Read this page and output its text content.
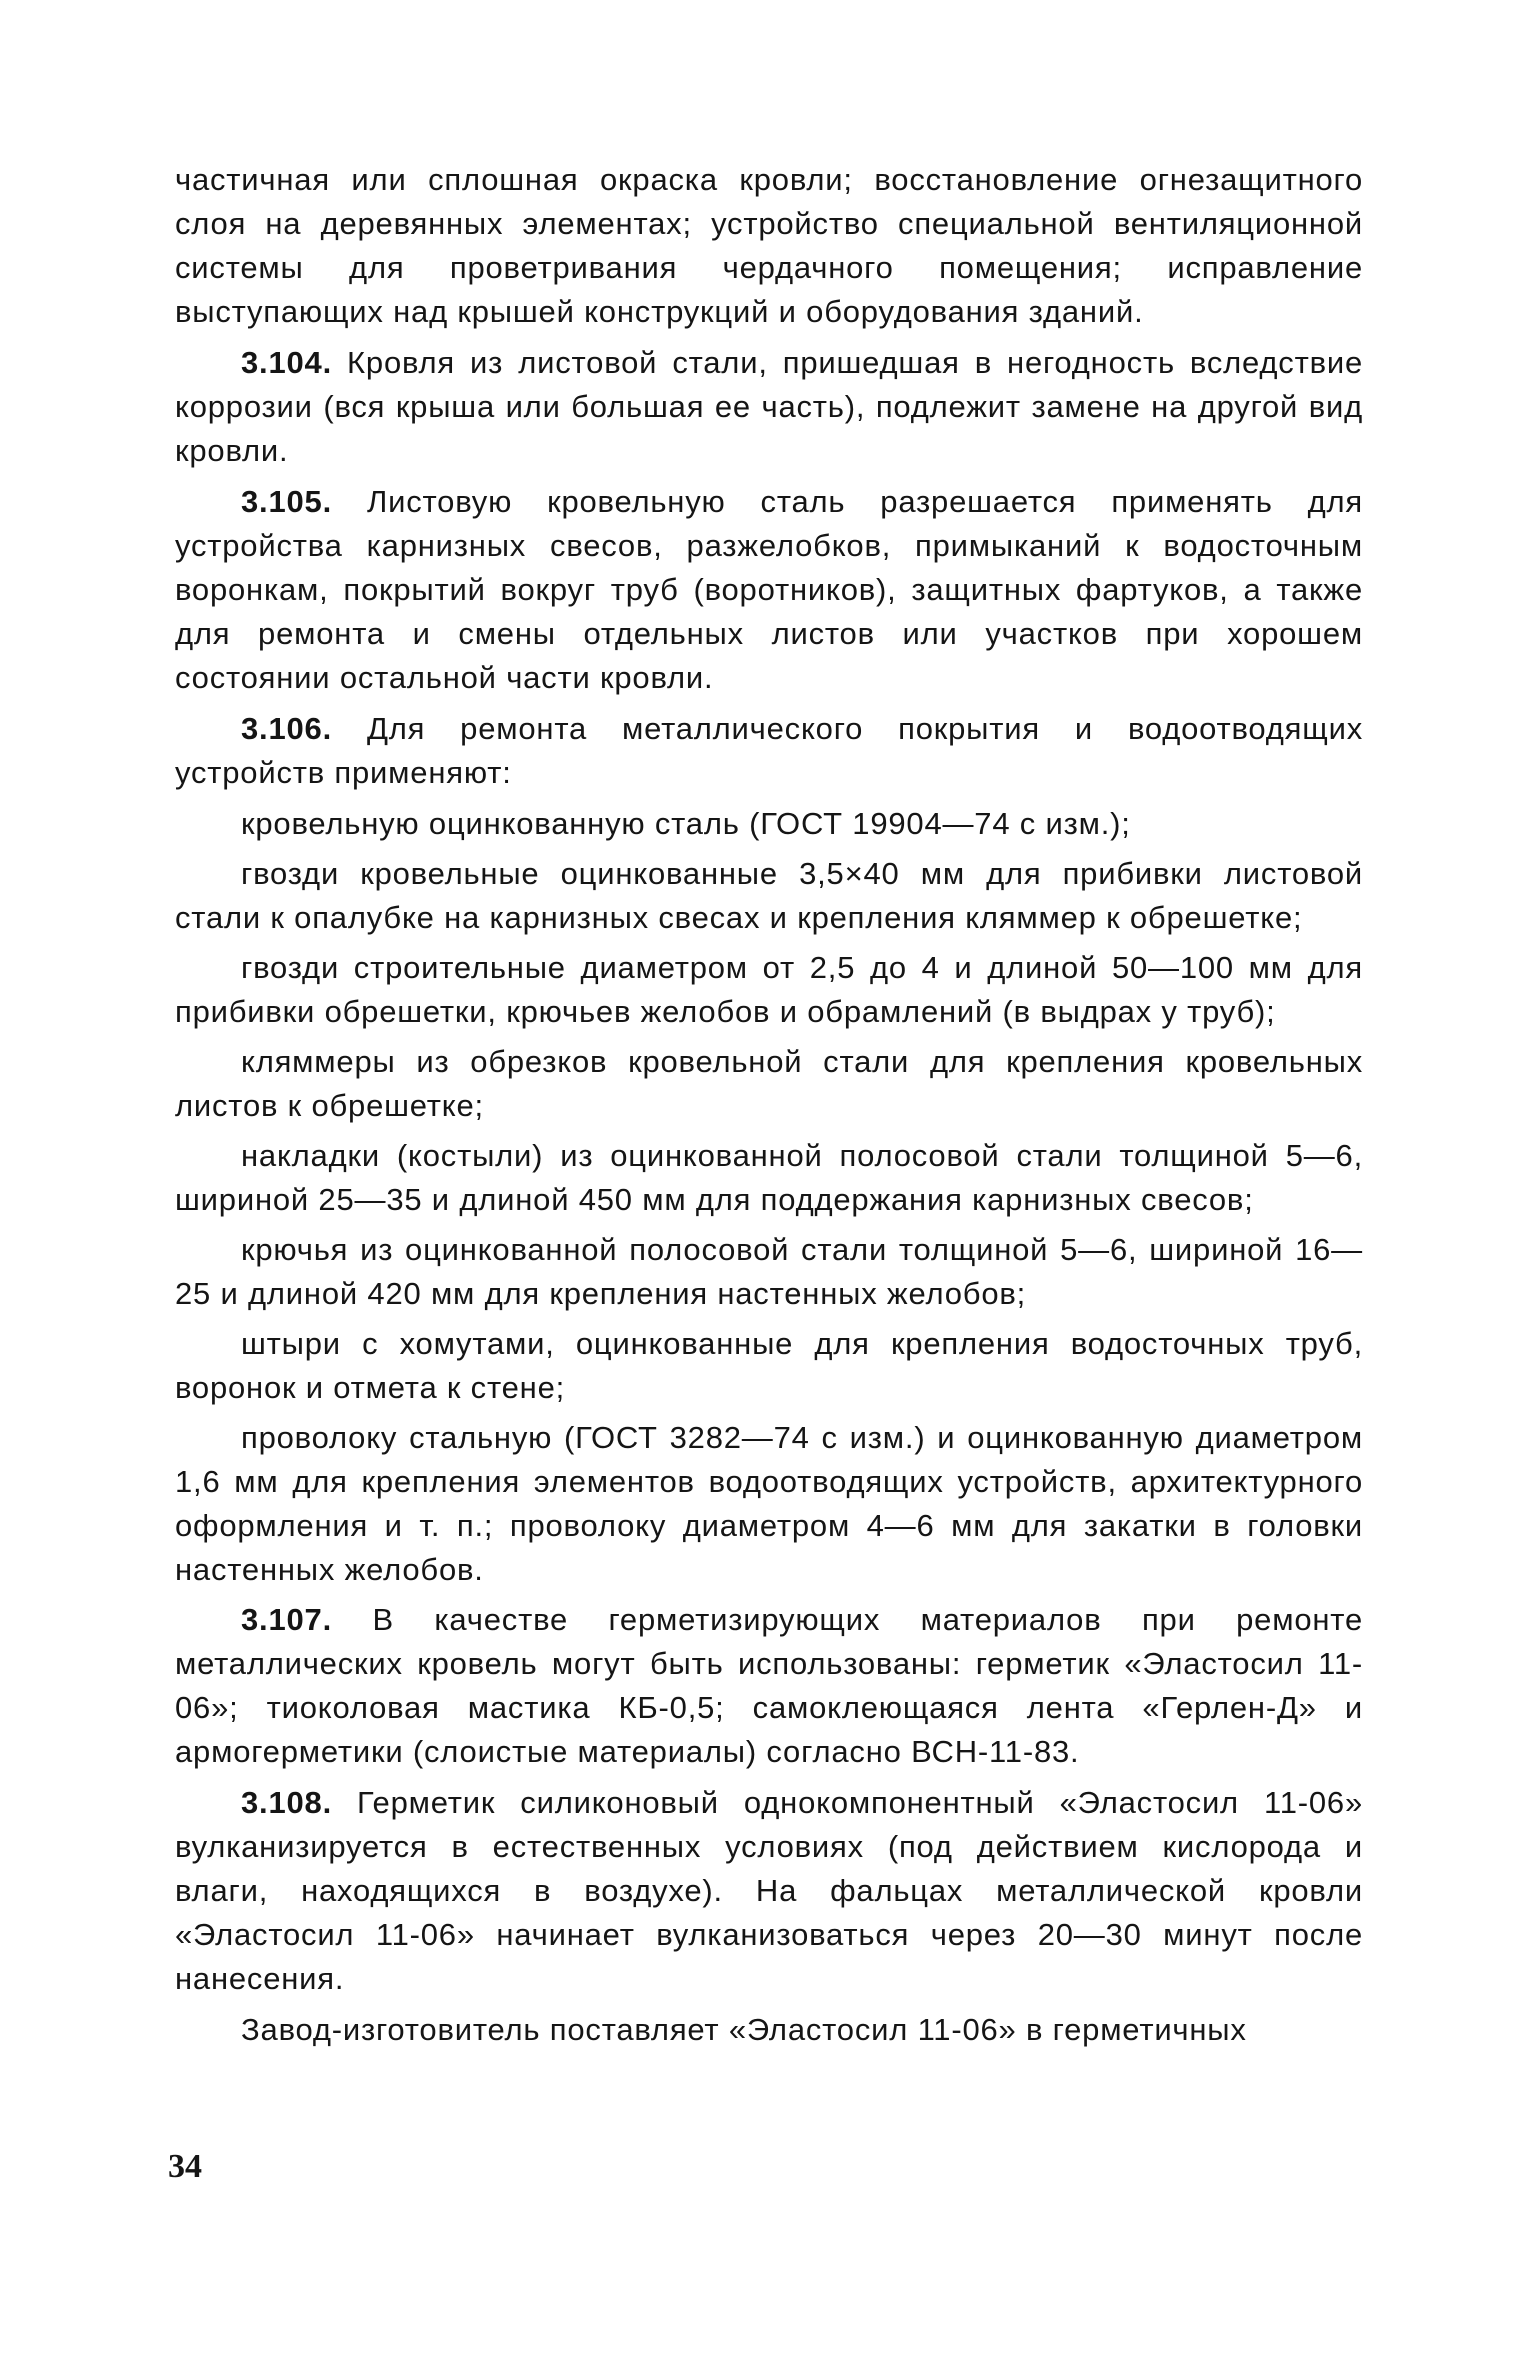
частичная или сплошная окраска кровли; восстановление огнезащитного слоя на деревянных элементах; устройство специальной вентиляционной системы для проветривания чердачного помещения; исправление выступающих над крышей конструкций и оборудования зданий.

3.104. Кровля из листовой стали, пришедшая в негодность вследствие коррозии (вся крыша или большая ее часть), подлежит замене на другой вид кровли.

3.105. Листовую кровельную сталь разрешается применять для устройства карнизных свесов, разжелобков, примыканий к водосточным воронкам, покрытий вокруг труб (воротников), защитных фартуков, а также для ремонта и смены отдельных листов или участков при хорошем состоянии остальной части кровли.

3.106. Для ремонта металлического покрытия и водоотводящих устройств применяют:

кровельную оцинкованную сталь (ГОСТ 19904—74 с изм.);

гвозди кровельные оцинкованные 3,5×40 мм для прибивки листовой стали к опалубке на карнизных свесах и крепления кляммер к обрешетке;

гвозди строительные диаметром от 2,5 до 4 и длиной 50—100 мм для прибивки обрешетки, крючьев желобов и обрамлений (в выдрах у труб);

кляммеры из обрезков кровельной стали для крепления кровельных листов к обрешетке;

накладки (костыли) из оцинкованной полосовой стали толщиной 5—6, шириной 25—35 и длиной 450 мм для поддержания карнизных свесов;

крючья из оцинкованной полосовой стали толщиной 5—6, шириной 16—25 и длиной 420 мм для крепления настенных желобов;

штыри с хомутами, оцинкованные для крепления водосточных труб, воронок и отмета к стене;

проволоку стальную (ГОСТ 3282—74 с изм.) и оцинкованную диаметром 1,6 мм для крепления элементов водоотводящих устройств, архитектурного оформления и т. п.; проволоку диаметром 4—6 мм для закатки в головки настенных желобов.

3.107. В качестве герметизирующих материалов при ремонте металлических кровель могут быть использованы: герметик «Эластосил 11-06»; тиоколовая мастика КБ-0,5; самоклеющаяся лента «Герлен-Д» и армогерметики (слоистые материалы) согласно ВСН-11-83.

3.108. Герметик силиконовый однокомпонентный «Эластосил 11-06» вулканизируется в естественных условиях (под действием кислорода и влаги, находящихся в воздухе). На фальцах металлической кровли «Эластосил 11-06» начинает вулканизоваться через 20—30 минут после нанесения.

Завод-изготовитель поставляет «Эластосил 11-06» в герметичных

34
